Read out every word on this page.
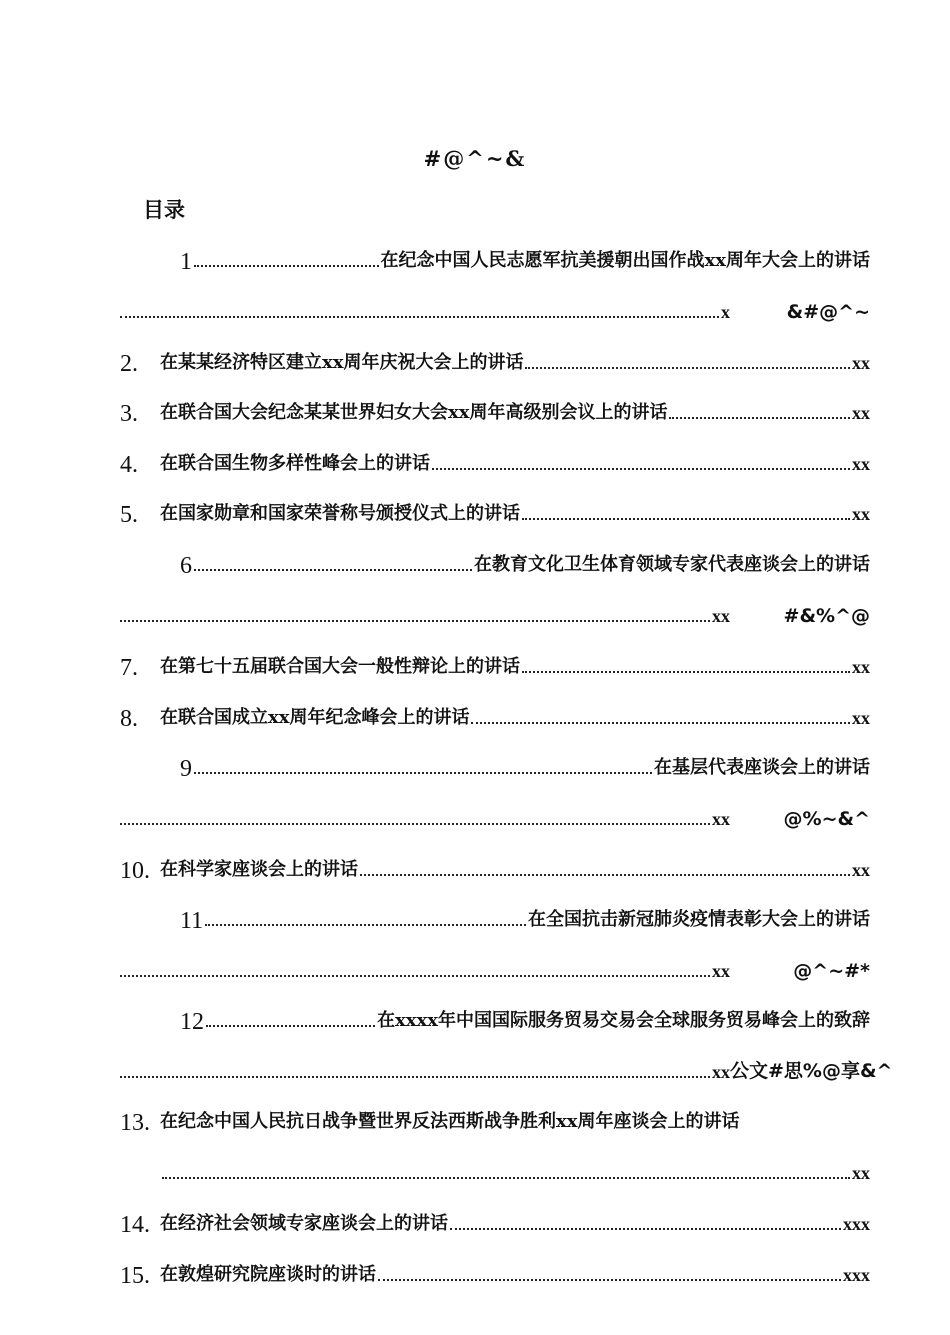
#@^~&
目录
1	在纪念中国人民志愿军抗美援朝出国作战xx周年大会上的讲话
x	&#@^~
2.	在某某经济特区建立xx周年庆祝大会上的讲话	xx
3.	在联合国大会纪念某某世界妇女大会xx周年高级别会议上的讲话	xx
4.	在联合国生物多样性峰会上的讲话	xx
5.	在国家勋章和国家荣誉称号颁授仪式上的讲话	xx
6	在教育文化卫生体育领域专家代表座谈会上的讲话
xx	#&%^@
7.	在第七十五届联合国大会一般性辩论上的讲话	xx
8.	在联合国成立xx周年纪念峰会上的讲话	xx
9	在基层代表座谈会上的讲话
xx	@%~&^
10. 在科学家座谈会上的讲话	xx
11	在全国抗击新冠肺炎疫情表彰大会上的讲话
xx	@^~#*
12	在xxxx年中国国际服务贸易交易会全球服务贸易峰会上的致辞
xx 公文#思%@享&^
13. 在纪念中国人民抗日战争暨世界反法西斯战争胜利xx周年座谈会上的讲话
xx
14. 在经济社会领域专家座谈会上的讲话	xxx
15. 在敦煌研究院座谈时的讲话	xxx
